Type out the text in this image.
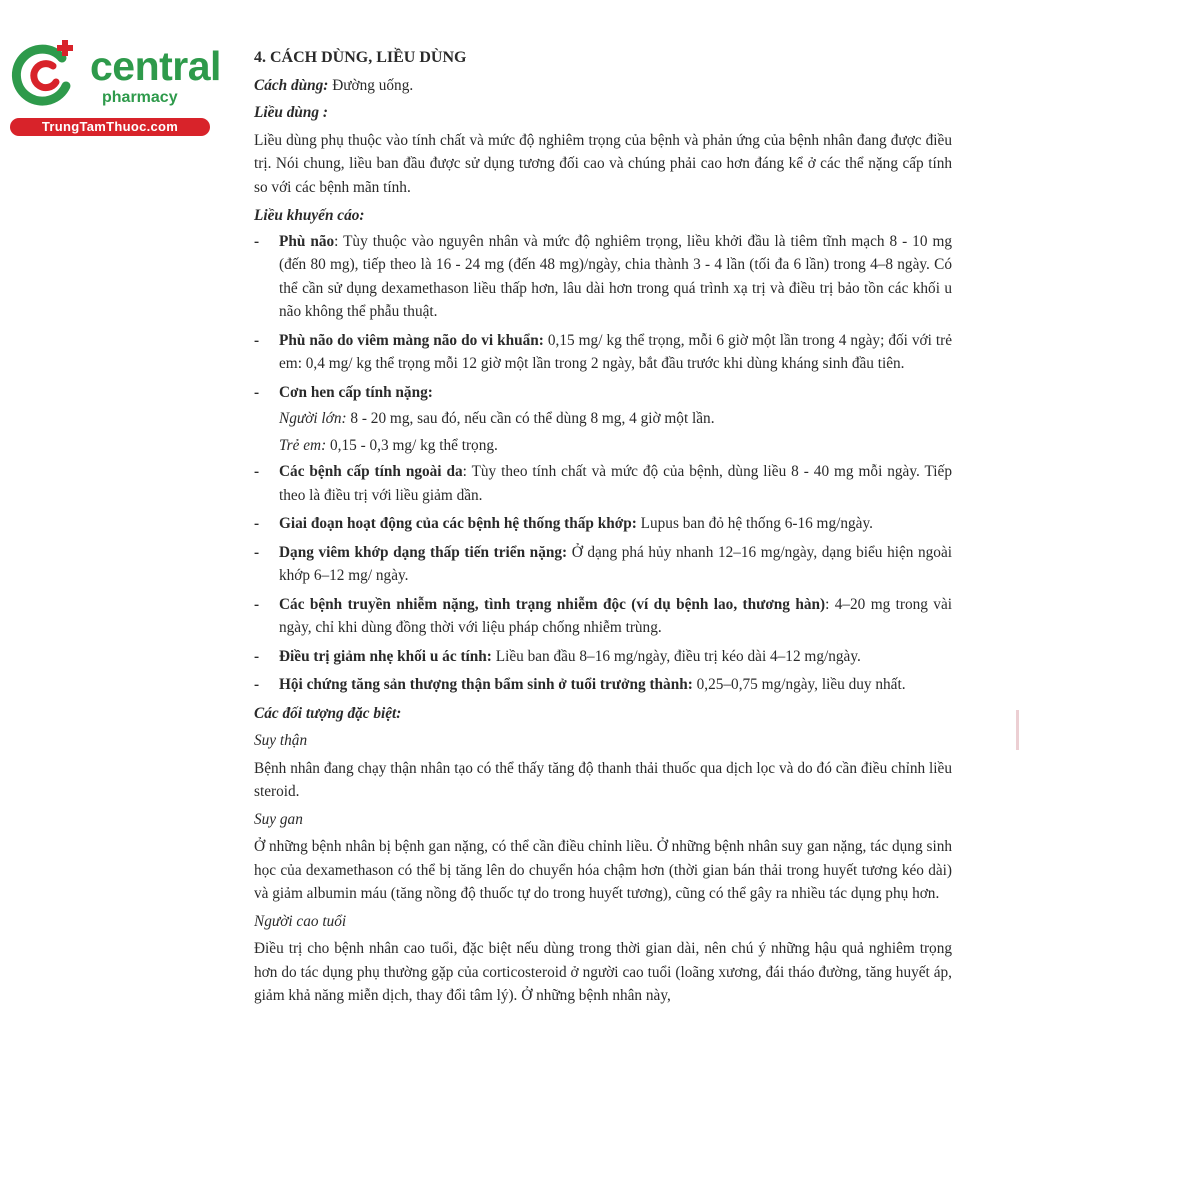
central
pharmacy
TrungTamThuoc.com

4. CÁCH DÙNG, LIỀU DÙNG

Cách dùng: Đường uống.

Liều dùng :

Liều dùng phụ thuộc vào tính chất và mức độ nghiêm trọng của bệnh và phản ứng của bệnh nhân đang được điều trị. Nói chung, liều ban đầu được sử dụng tương đối cao và chúng phải cao hơn đáng kể ở các thể nặng cấp tính so với các bệnh mãn tính.

Liều khuyến cáo:

- Phù não: Tùy thuộc vào nguyên nhân và mức độ nghiêm trọng, liều khởi đầu là tiêm tĩnh mạch 8 - 10 mg (đến 80 mg), tiếp theo là 16 - 24 mg (đến 48 mg)/ngày, chia thành 3 - 4 lần (tối đa 6 lần) trong 4–8 ngày. Có thể cần sử dụng dexamethason liều thấp hơn, lâu dài hơn trong quá trình xạ trị và điều trị bảo tồn các khối u não không thể phẫu thuật.
- Phù não do viêm màng não do vi khuẩn: 0,15 mg/ kg thể trọng, mỗi 6 giờ một lần trong 4 ngày; đối với trẻ em: 0,4 mg/ kg thể trọng mỗi 12 giờ một lần trong 2 ngày, bắt đầu trước khi dùng kháng sinh đầu tiên.
- Cơn hen cấp tính nặng:

Người lớn: 8 - 20 mg, sau đó, nếu cần có thể dùng 8 mg, 4 giờ một lần.

Trẻ em: 0,15 - 0,3 mg/ kg thể trọng.

- Các bệnh cấp tính ngoài da: Tùy theo tính chất và mức độ của bệnh, dùng liều 8 - 40 mg mỗi ngày. Tiếp theo là điều trị với liều giảm dần.
- Giai đoạn hoạt động của các bệnh hệ thống thấp khớp: Lupus ban đỏ hệ thống 6-16 mg/ngày.
- Dạng viêm khớp dạng thấp tiến triển nặng: Ở dạng phá hủy nhanh 12–16 mg/ngày, dạng biểu hiện ngoài khớp 6–12 mg/ ngày.
- Các bệnh truyền nhiễm nặng, tình trạng nhiễm độc (ví dụ bệnh lao, thương hàn): 4–20 mg trong vài ngày, chỉ khi dùng đồng thời với liệu pháp chống nhiễm trùng.
- Điều trị giảm nhẹ khối u ác tính: Liều ban đầu 8–16 mg/ngày, điều trị kéo dài 4–12 mg/ngày.
- Hội chứng tăng sản thượng thận bẩm sinh ở tuổi trưởng thành: 0,25–0,75 mg/ngày, liều duy nhất.

Các đối tượng đặc biệt:

Suy thận

Bệnh nhân đang chạy thận nhân tạo có thể thấy tăng độ thanh thải thuốc qua dịch lọc và do đó cần điều chỉnh liều steroid.

Suy gan

Ở những bệnh nhân bị bệnh gan nặng, có thể cần điều chỉnh liều. Ở những bệnh nhân suy gan nặng, tác dụng sinh học của dexamethason có thể bị tăng lên do chuyển hóa chậm hơn (thời gian bán thải trong huyết tương kéo dài) và giảm albumin máu (tăng nồng độ thuốc tự do trong huyết tương), cũng có thể gây ra nhiều tác dụng phụ hơn.

Người cao tuổi

Điều trị cho bệnh nhân cao tuổi, đặc biệt nếu dùng trong thời gian dài, nên chú ý những hậu quả nghiêm trọng hơn do tác dụng phụ thường gặp của corticosteroid ở người cao tuổi (loãng xương, đái tháo đường, tăng huyết áp, giảm khả năng miễn dịch, thay đổi tâm lý). Ở những bệnh nhân này,
